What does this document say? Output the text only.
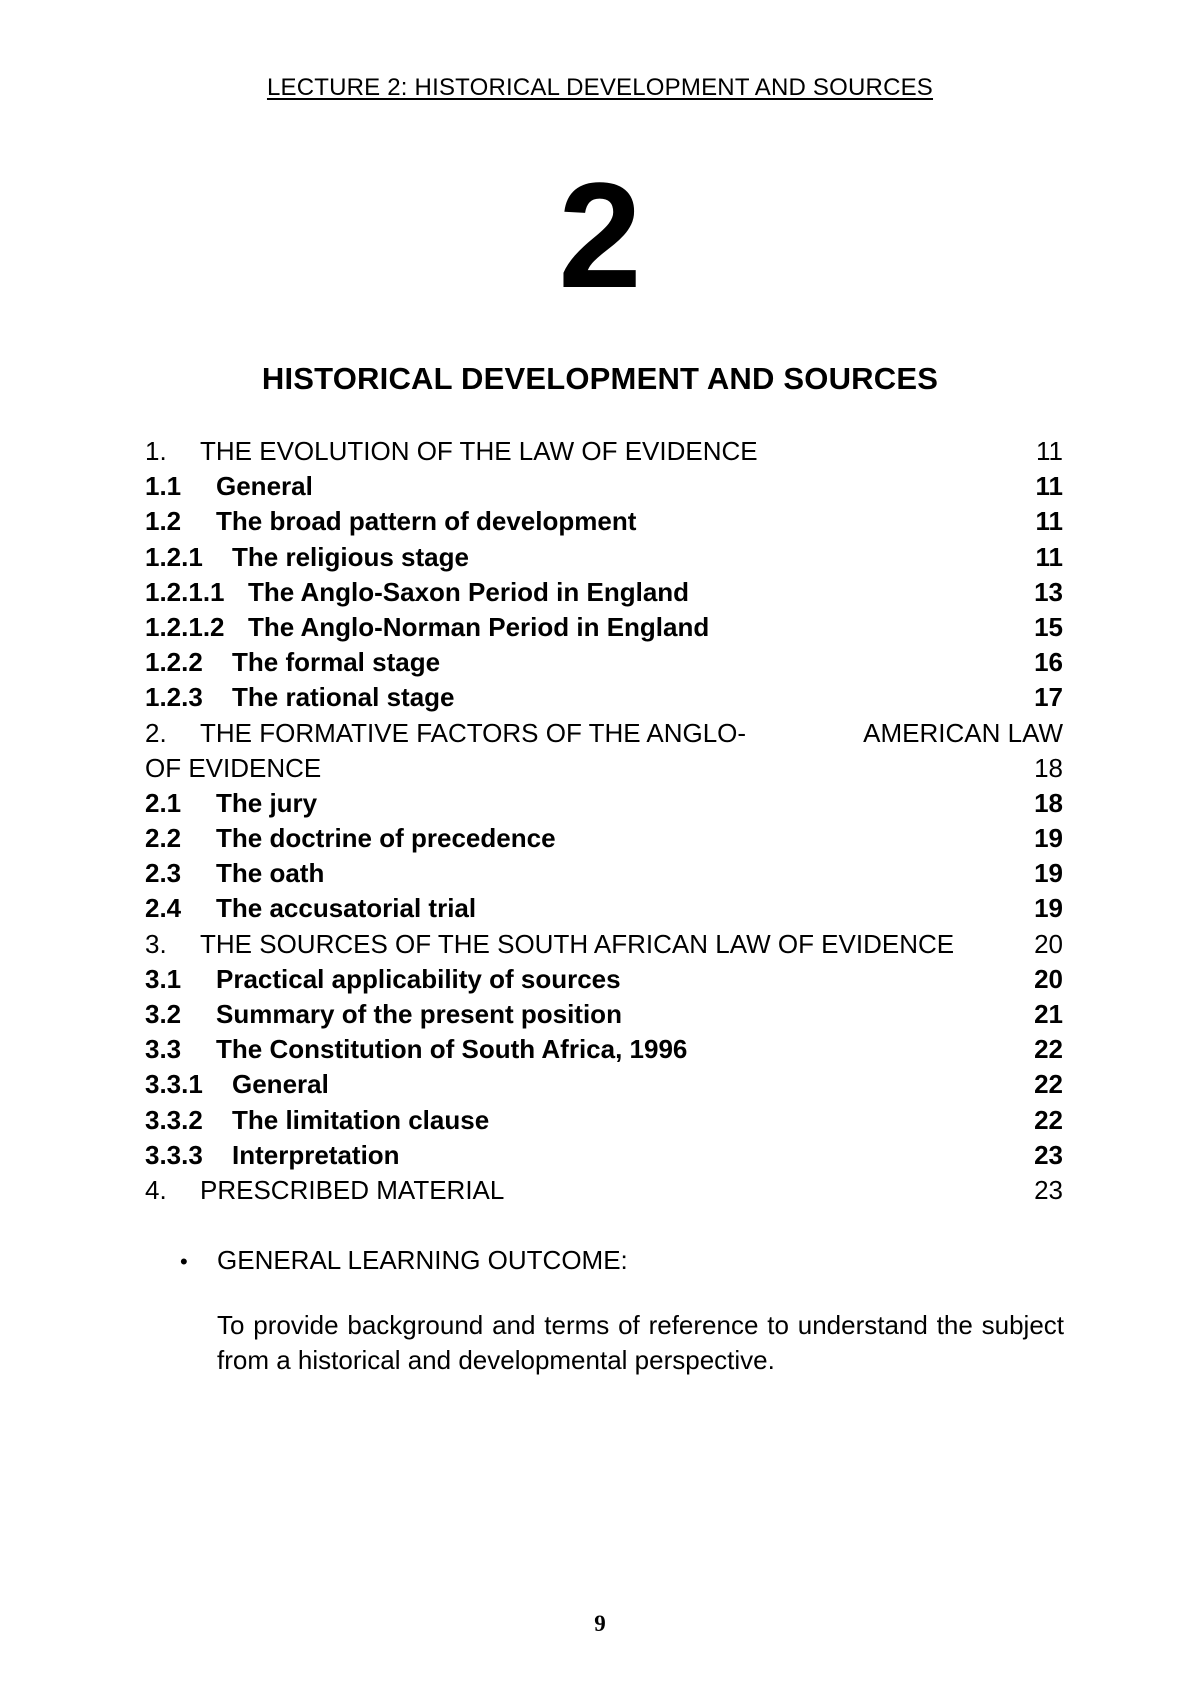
LECTURE 2: HISTORICAL DEVELOPMENT AND SOURCES
2
HISTORICAL DEVELOPMENT AND SOURCES
1.	THE EVOLUTION OF THE LAW OF EVIDENCE	11
1.1	General	11
1.2	The broad pattern of development	11
1.2.1	The religious stage	11
1.2.1.1 The Anglo-Saxon Period in England	13
1.2.1.2 The Anglo-Norman Period in England	15
1.2.2	The formal stage	16
1.2.3	The rational stage	17
2.	THE FORMATIVE FACTORS OF THE ANGLO-	AMERICAN LAW
OF EVIDENCE	18
2.1	The jury	18
2.2	The doctrine of precedence	19
2.3	The oath	19
2.4	The accusatorial trial	19
3.	THE SOURCES OF THE SOUTH AFRICAN LAW OF EVIDENCE	20
3.1	Practical applicability of sources	20
3.2	Summary of the present position	21
3.3	The Constitution of South Africa, 1996	22
3.3.1	General	22
3.3.2	The limitation clause	22
3.3.3	Interpretation	23
4.	PRESCRIBED MATERIAL	23
•	GENERAL LEARNING OUTCOME:
To provide background and terms of reference to understand the subject from a historical and developmental perspective.
9
